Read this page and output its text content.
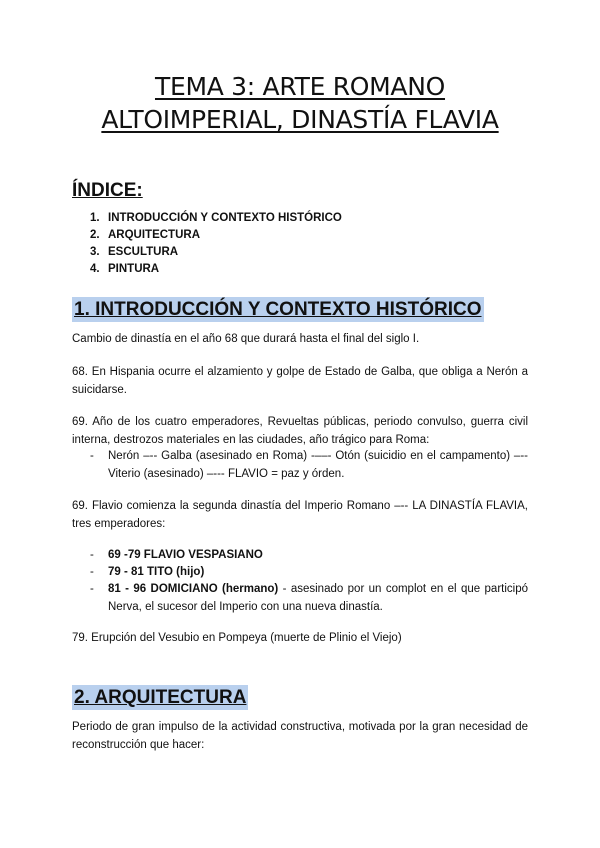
TEMA 3: ARTE ROMANO
ALTOIMPERIAL, DINASTÍA FLAVIA
ÍNDICE:
1. INTRODUCCIÓN Y CONTEXTO HISTÓRICO
2. ARQUITECTURA
3. ESCULTURA
4. PINTURA
1. INTRODUCCIÓN Y CONTEXTO HISTÓRICO
Cambio de dinastía en el año 68 que durará hasta el final del siglo I.
68. En Hispania ocurre el alzamiento y golpe de Estado de Galba, que obliga a Nerón a suicidarse.
69. Año de los cuatro emperadores, Revueltas públicas, periodo convulso, guerra civil interna, destrozos materiales en las ciudades, año trágico para Roma:
-	Nerón –-- Galba (asesinado en Roma) -––- Otón (suicidio en el campamento) –-- Viterio (asesinado) –--- FLAVIO = paz y órden.
69. Flavio comienza la segunda dinastía del Imperio Romano –-- LA DINASTÍA FLAVIA, tres emperadores:
-	69 -79 FLAVIO VESPASIANO
-	79 - 81 TITO (hijo)
-	81 - 96 DOMICIANO (hermano) - asesinado por un complot en el que participó Nerva, el sucesor del Imperio con una nueva dinastía.
79. Erupción del Vesubio en Pompeya (muerte de Plinio el Viejo)
2. ARQUITECTURA
Periodo de gran impulso de la actividad constructiva, motivada por la gran necesidad de reconstrucción que hacer:
